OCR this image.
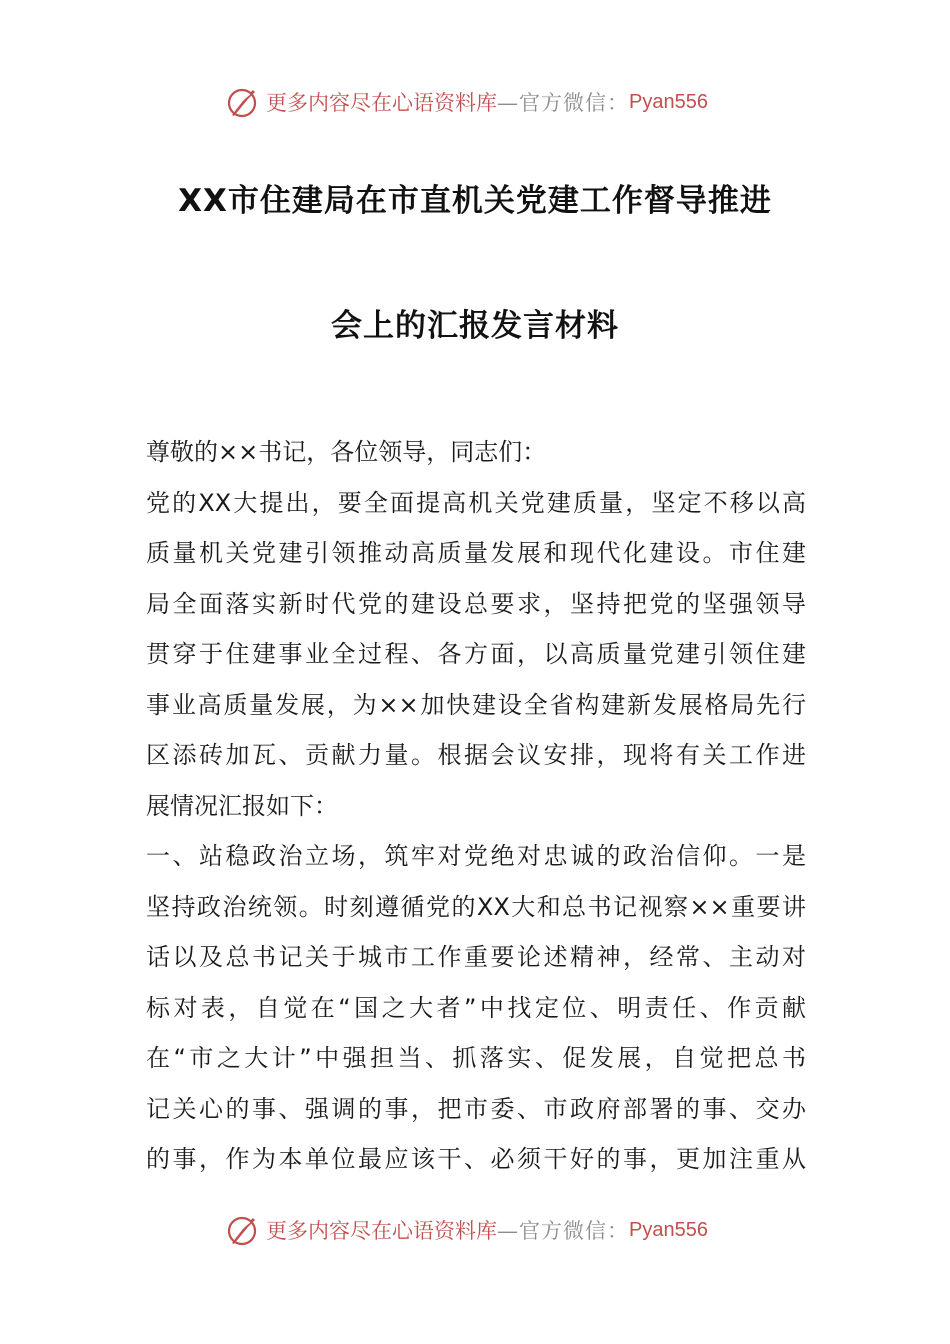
更多内容尽在心语资料库 —官方微信： Pyan556
XX市住建局在市直机关党建工作督导推进
会上的汇报发言材料
尊敬的××书记，各位领导，同志们：
党的XX大提出，要全面提高机关党建质量，坚定不移以高
质量机关党建引领推动高质量发展和现代化建设。市住建
局全面落实新时代党的建设总要求，坚持把党的坚强领导
贯穿于住建事业全过程、各方面，以高质量党建引领住建
事业高质量发展，为××加快建设全省构建新发展格局先行
区添砖加瓦、贡献力量。根据会议安排，现将有关工作进
展情况汇报如下：
一、站稳政治立场，筑牢对党绝对忠诚的政治信仰。一是
坚持政治统领。时刻遵循党的XX大和总书记视察××重要讲
话以及总书记关于城市工作重要论述精神，经常、主动对
标对表，自觉在“国之大者”中找定位、明责任、作贡献
在“市之大计”中强担当、抓落实、促发展，自觉把总书
记关心的事、强调的事，把市委、市政府部署的事、交办
的事，作为本单位最应该干、必须干好的事，更加注重从
更多内容尽在心语资料库 —官方微信： Pyan556
